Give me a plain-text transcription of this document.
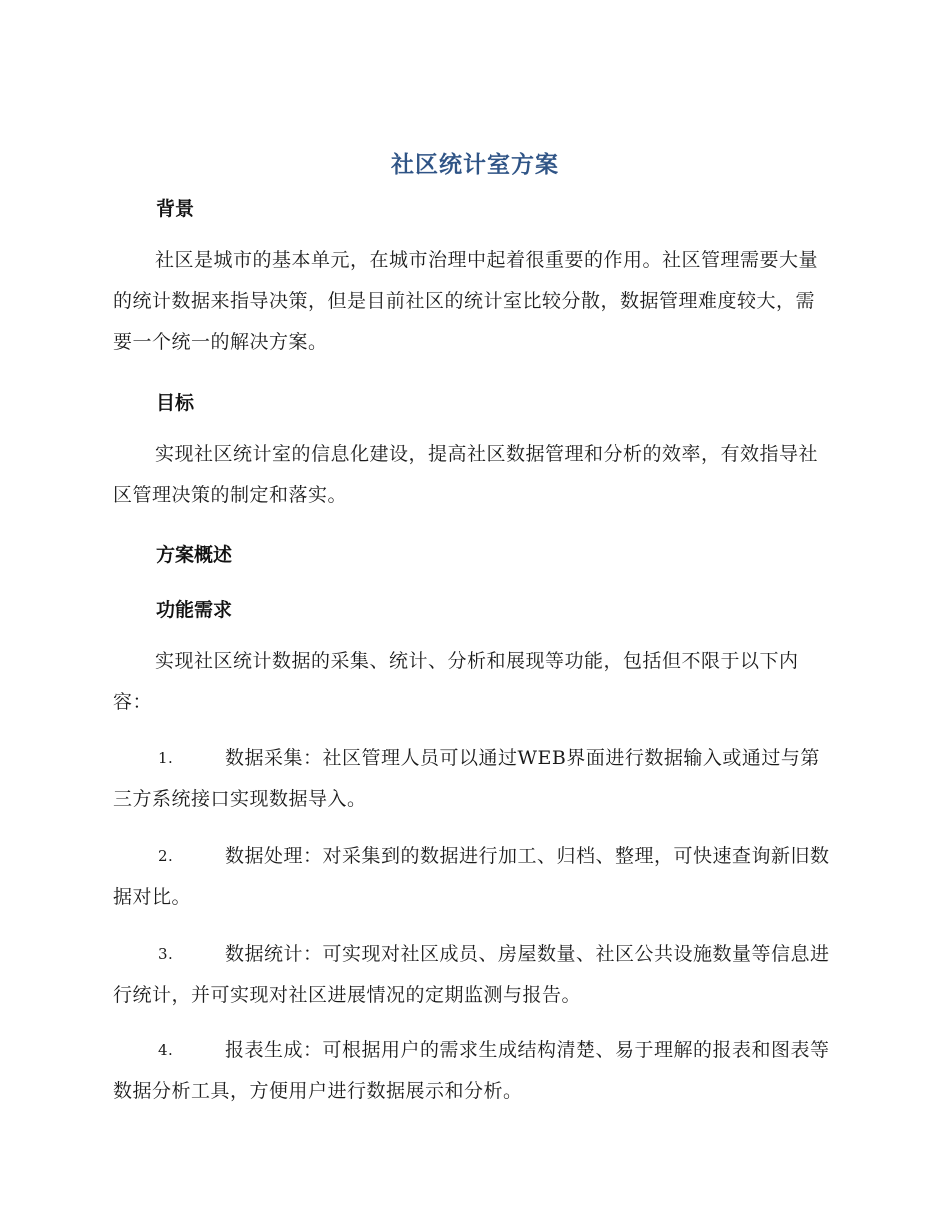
社区统计室方案
背景
社区是城市的基本单元，在城市治理中起着很重要的作用。社区管理需要大量的统计数据来指导决策，但是目前社区的统计室比较分散，数据管理难度较大，需要一个统一的解决方案。
目标
实现社区统计室的信息化建设，提高社区数据管理和分析的效率，有效指导社区管理决策的制定和落实。
方案概述
功能需求
实现社区统计数据的采集、统计、分析和展现等功能，包括但不限于以下内容：
1.	数据采集：社区管理人员可以通过WEB界面进行数据输入或通过与第三方系统接口实现数据导入。
2.	数据处理：对采集到的数据进行加工、归档、整理，可快速查询新旧数据对比。
3.	数据统计：可实现对社区成员、房屋数量、社区公共设施数量等信息进行统计，并可实现对社区进展情况的定期监测与报告。
4.	报表生成：可根据用户的需求生成结构清楚、易于理解的报表和图表等数据分析工具，方便用户进行数据展示和分析。
